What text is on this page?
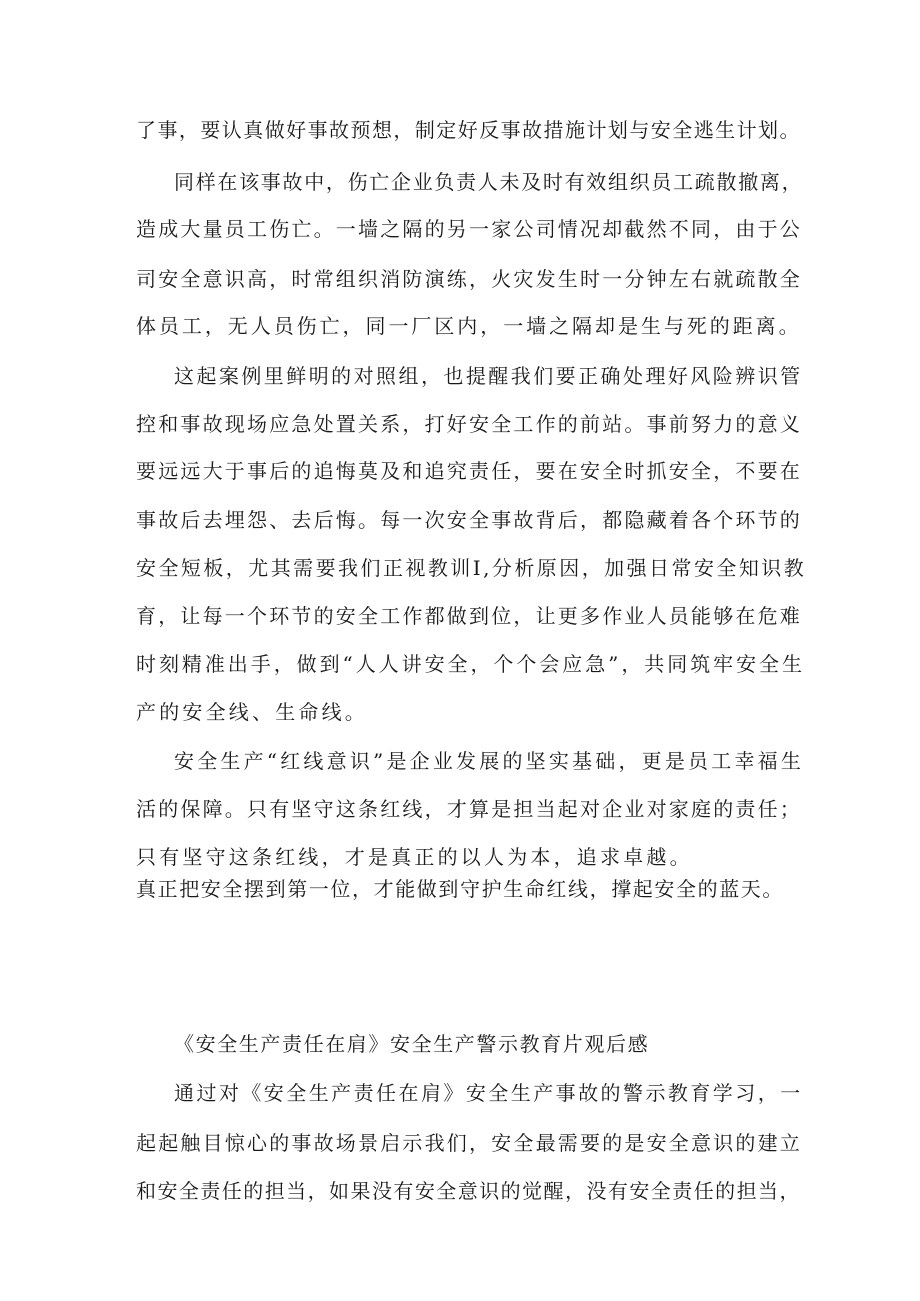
了事，要认真做好事故预想，制定好反事故措施计划与安全逃生计划。
同样在该事故中，伤亡企业负责人未及时有效组织员工疏散撤离，
造成大量员工伤亡。一墙之隔的另一家公司情况却截然不同，由于公
司安全意识高，时常组织消防演练，火灾发生时一分钟左右就疏散全
体员工，无人员伤亡，同一厂区内，一墙之隔却是生与死的距离。
这起案例里鲜明的对照组，也提醒我们要正确处理好风险辨识管
控和事故现场应急处置关系，打好安全工作的前站。事前努力的意义
要远远大于事后的追悔莫及和追究责任，要在安全时抓安全，不要在
事故后去埋怨、去后悔。每一次安全事故背后，都隐藏着各个环节的
安全短板，尤其需要我们正视教训I,分析原因，加强日常安全知识教
育，让每一个环节的安全工作都做到位，让更多作业人员能够在危难
时刻精准出手，做到“人人讲安全，个个会应急”，共同筑牢安全生
产的安全线、生命线。
安全生产“红线意识”是企业发展的坚实基础，更是员工幸福生
活的保障。只有坚守这条红线，才算是担当起对企业对家庭的责任；
只有坚守这条红线，才是真正的以人为本，追求卓越。
真正把安全摆到第一位，才能做到守护生命红线，撑起安全的蓝天。
《安全生产责任在肩》安全生产警示教育片观后感
通过对《安全生产责任在肩》安全生产事故的警示教育学习，一
起起触目惊心的事故场景启示我们，安全最需要的是安全意识的建立
和安全责任的担当，如果没有安全意识的觉醒，没有安全责任的担当，
